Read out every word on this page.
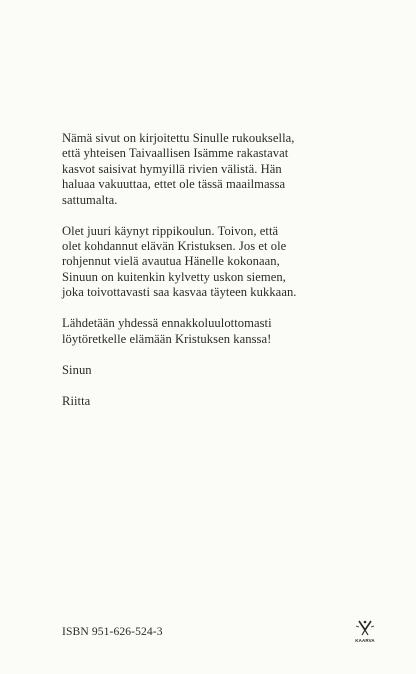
Nämä sivut on kirjoitettu Sinulle rukouksella,
että yhteisen Taivaallisen Isämme rakastavat
kasvot saisivat hymyillä rivien välistä. Hän
haluaa vakuuttaa, ettet ole tässä maailmassa
sattumalta.

Olet juuri käynyt rippikoulun. Toivon, että
olet kohdannut elävän Kristuksen. Jos et ole
rohjennut vielä avautua Hänelle kokonaan,
Sinuun on kuitenkin kylvetty uskon siemen,
joka toivottavasti saa kasvaa täyteen kukkaan.

Lähdetään yhdessä ennakkoluulottomasti
löytöretkelle elämään Kristuksen kanssa!

Sinun

Riitta

ISBN 951-626-524-3
KAARVA
